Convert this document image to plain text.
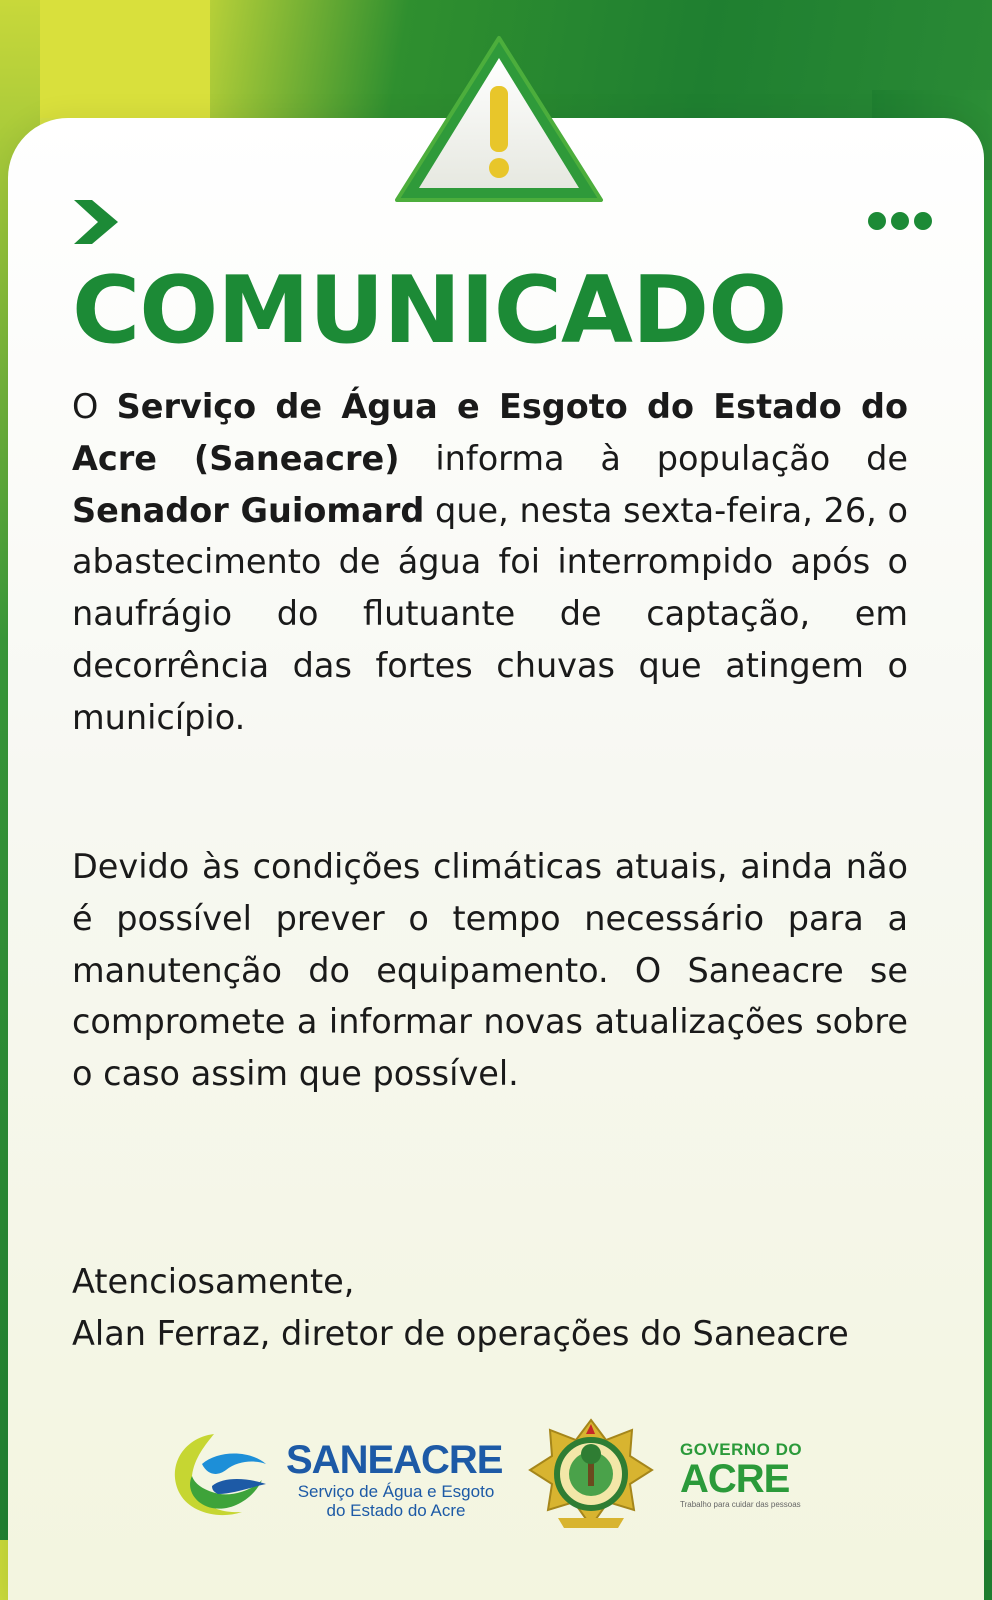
COMUNICADO
O Serviço de Água e Esgoto do Estado do Acre (Saneacre) informa à população de Senador Guiomard que, nesta sexta-feira, 26, o abastecimento de água foi interrompido após o naufrágio do flutuante de captação, em decorrência das fortes chuvas que atingem o município.
Devido às condições climáticas atuais, ainda não é possível prever o tempo necessário para a manutenção do equipamento. O Saneacre se compromete a informar novas atualizações sobre o caso assim que possível.
Atenciosamente,
Alan Ferraz, diretor de operações do Saneacre
SANEACRE
Serviço de Água e Esgoto do Estado do Acre
GOVERNO DO
ACRE
Trabalho para cuidar das pessoas
